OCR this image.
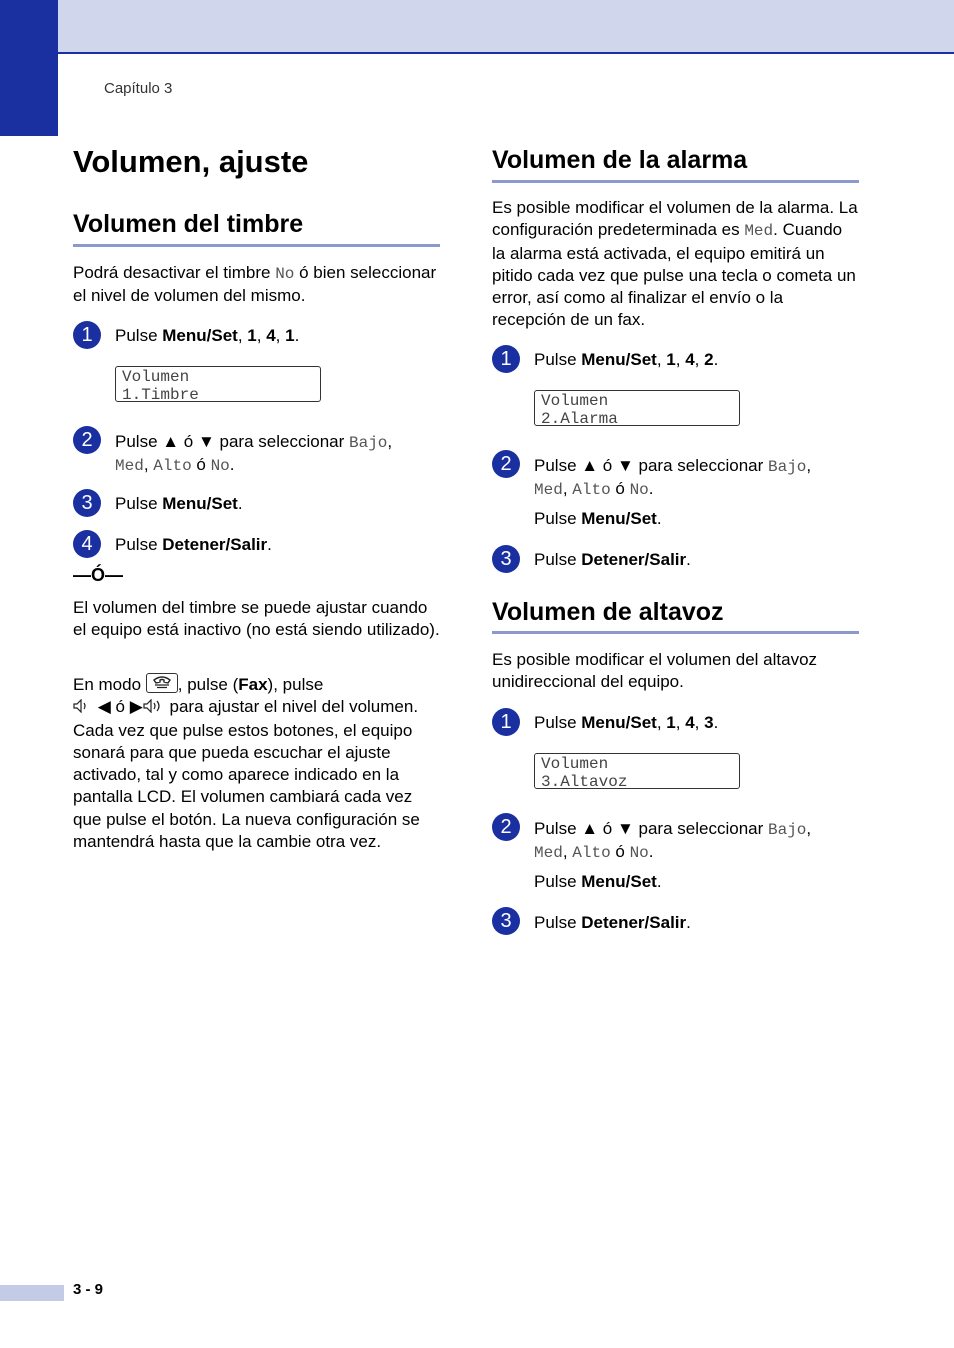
Capítulo 3
Volumen, ajuste
Volumen del timbre
Podrá desactivar el timbre No ó bien seleccionar el nivel de volumen del mismo.
1	Pulse Menu/Set, 1, 4, 1.
Volumen
1.Timbre
2	Pulse ▲ ó ▼ para seleccionar Bajo,
Med, Alto ó No.
3	Pulse Menu/Set.
4	Pulse Detener/Salir.
—Ó—
El volumen del timbre se puede ajustar cuando el equipo está inactivo (no está siendo utilizado).
En modo
, pulse (Fax), pulse
◀ ó ▶ para ajustar el nivel del volumen. Cada vez que pulse estos botones, el equipo sonará para que pueda escuchar el ajuste activado, tal y como aparece indicado en la pantalla LCD. El volumen cambiará cada vez que pulse el botón. La nueva configuración se mantendrá hasta que la cambie otra vez.
Volumen de la alarma
Es posible modificar el volumen de la alarma. La configuración predeterminada es Med. Cuando la alarma está activada, el equipo emitirá un pitido cada vez que pulse una tecla o cometa un error, así como al finalizar el envío o la recepción de un fax.
1	Pulse Menu/Set, 1, 4, 2.
Volumen
2.Alarma
2	Pulse ▲ ó ▼ para seleccionar Bajo,
Med, Alto ó No.
Pulse Menu/Set.
3	Pulse Detener/Salir.
Volumen de altavoz
Es posible modificar el volumen del altavoz unidireccional del equipo.
1	Pulse Menu/Set, 1, 4, 3.
Volumen
3.Altavoz
2	Pulse ▲ ó ▼ para seleccionar Bajo,
Med, Alto ó No.
Pulse Menu/Set.
3	Pulse Detener/Salir.
3 - 9
